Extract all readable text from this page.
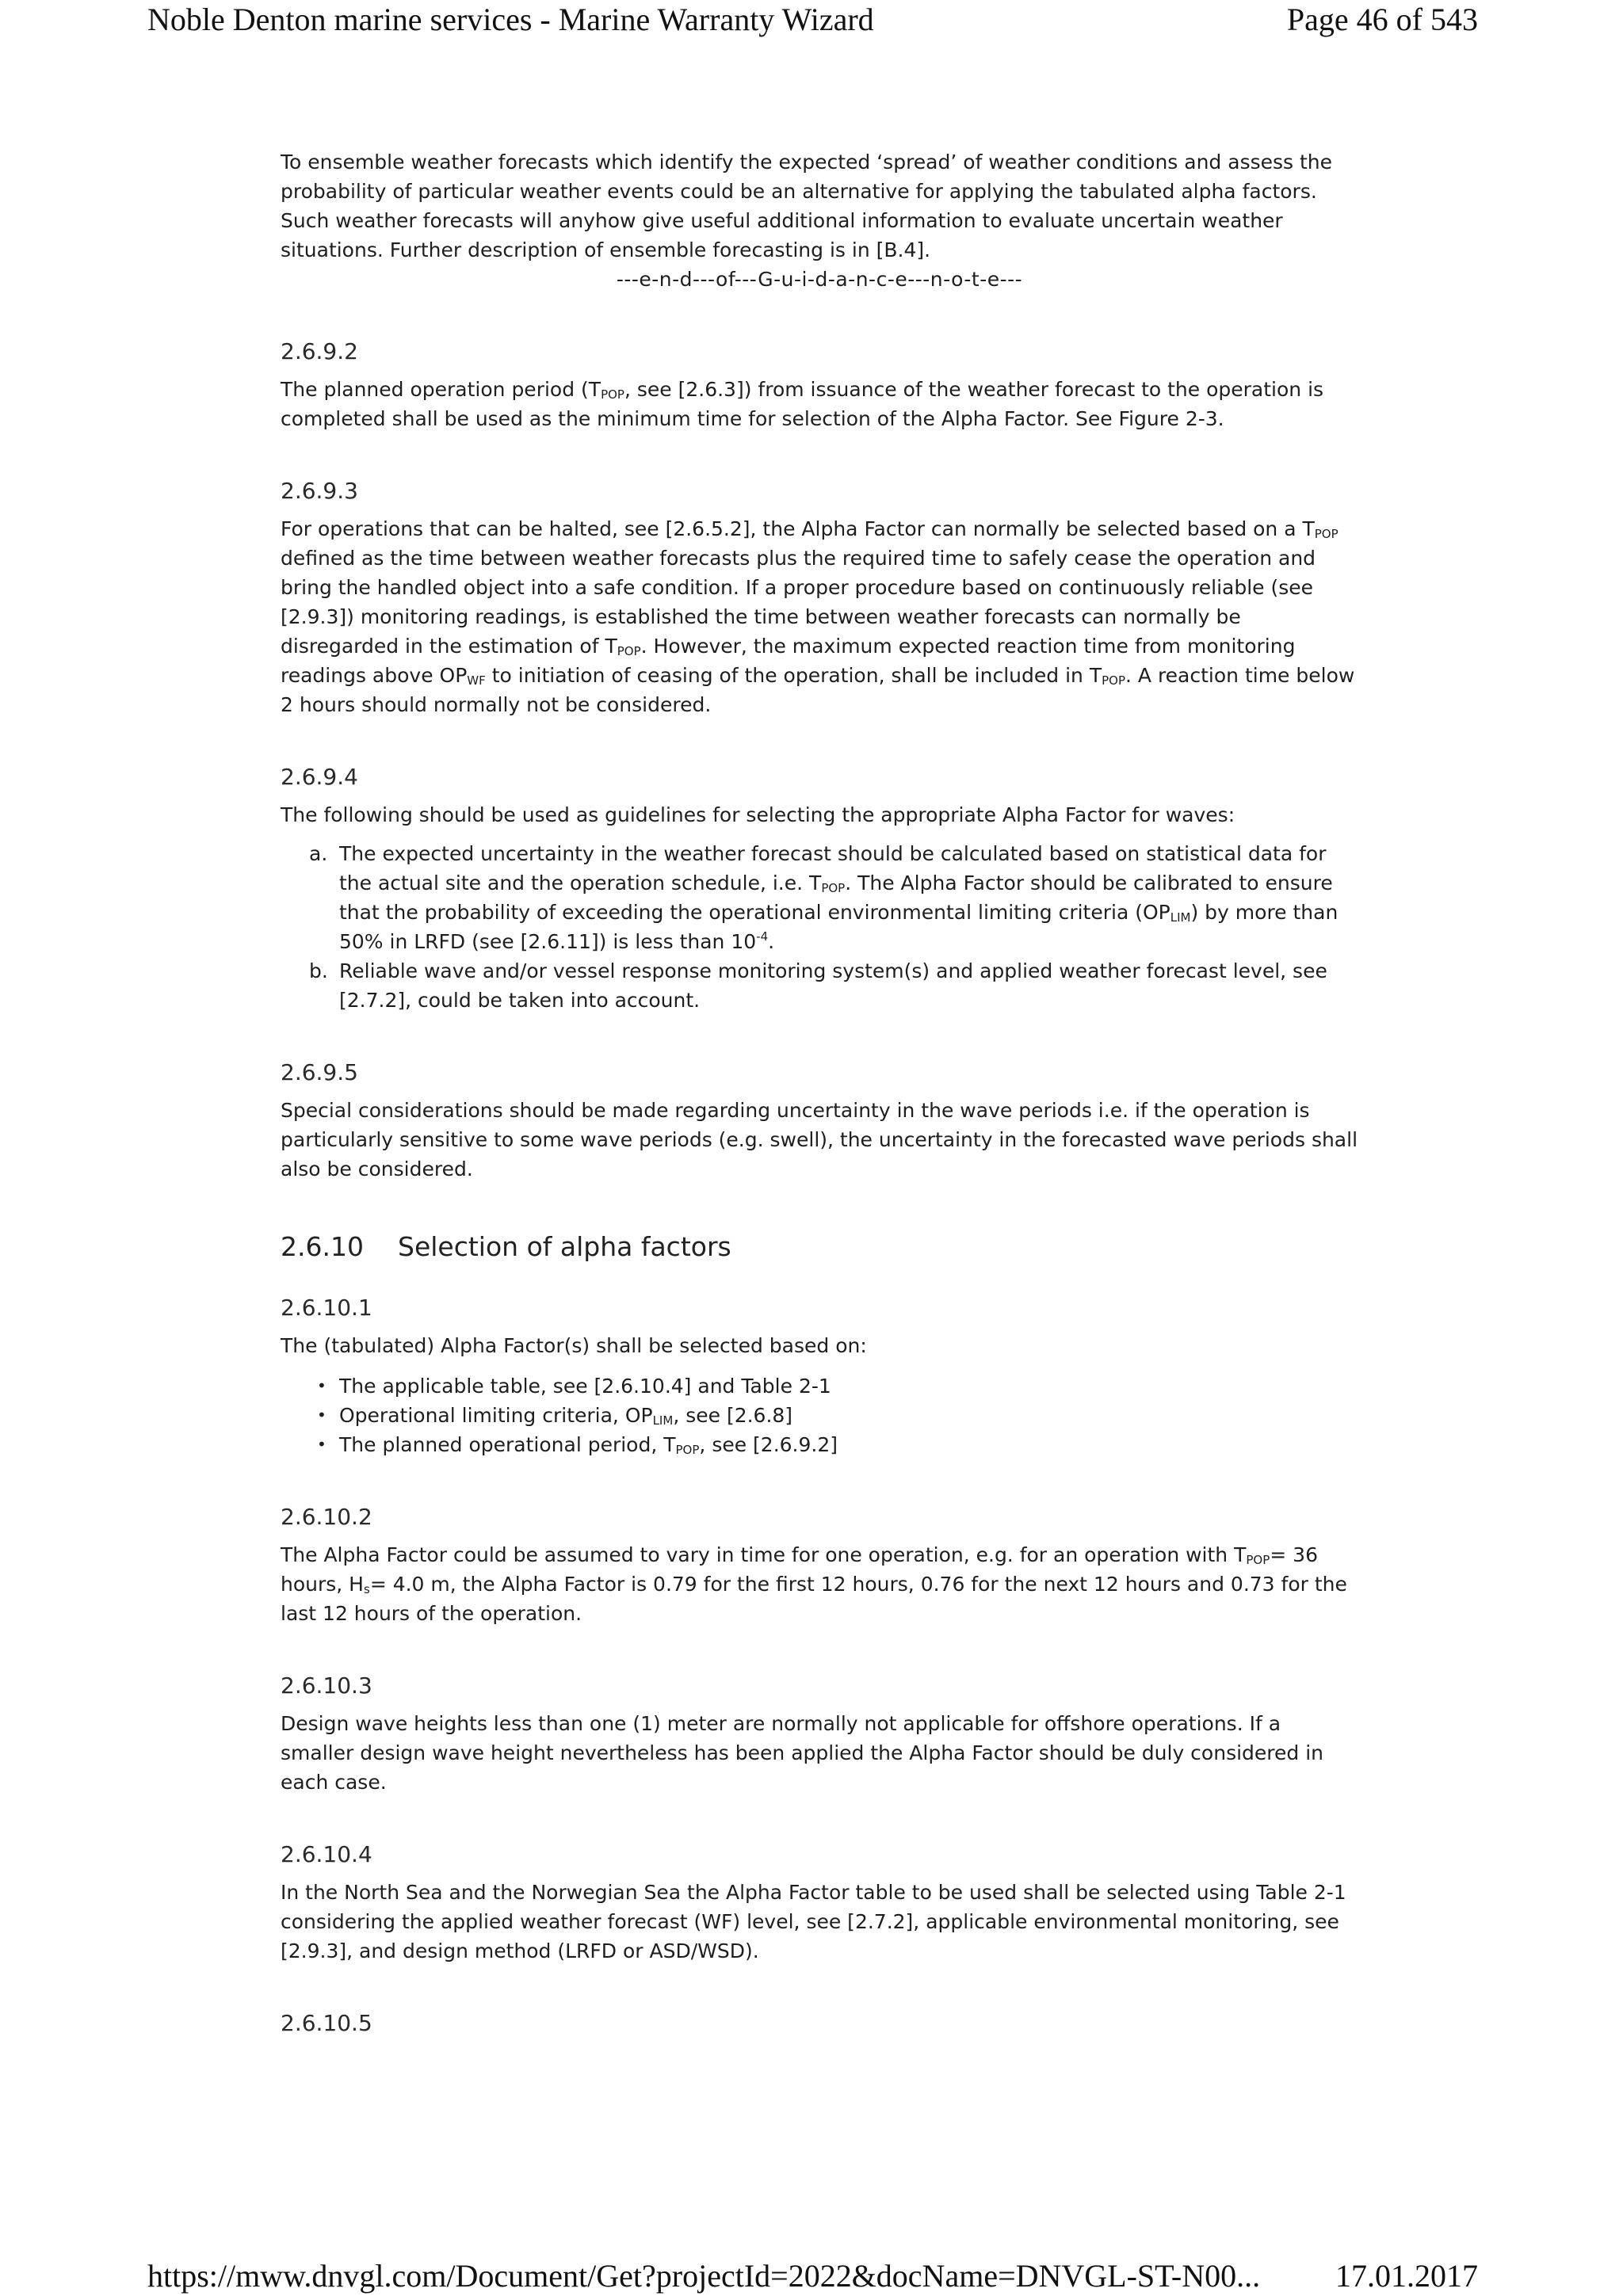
Noble Denton marine services - Marine Warranty Wizard	Page 46 of 543

To ensemble weather forecasts which identify the expected ‘spread’ of weather conditions and assess the probability of particular weather events could be an alternative for applying the tabulated alpha factors. Such weather forecasts will anyhow give useful additional information to evaluate uncertain weather situations. Further description of ensemble forecasting is in [B.4].

---e-n-d---of---G-u-i-d-a-n-c-e---n-o-t-e---

2.6.9.2

The planned operation period ($T_{POP}$, see [2.6.3]) from issuance of the weather forecast to the operation is completed shall be used as the minimum time for selection of the Alpha Factor. See Figure 2-3.

2.6.9.3

For operations that can be halted, see [2.6.5.2], the Alpha Factor can normally be selected based on a $T_{POP}$ defined as the time between weather forecasts plus the required time to safely cease the operation and bring the handled object into a safe condition. If a proper procedure based on continuously reliable (see [2.9.3]) monitoring readings, is established the time between weather forecasts can normally be disregarded in the estimation of $T_{POP}$. However, the maximum expected reaction time from monitoring readings above $OP_{WF}$ to initiation of ceasing of the operation, shall be included in $T_{POP}$. A reaction time below 2 hours should normally not be considered.

2.6.9.4

The following should be used as guidelines for selecting the appropriate Alpha Factor for waves:

a. The expected uncertainty in the weather forecast should be calculated based on statistical data for the actual site and the operation schedule, i.e. $T_{POP}$. The Alpha Factor should be calibrated to ensure that the probability of exceeding the operational environmental limiting criteria $(OP_{LIM})$ by more than 50% in LRFD (see [2.6.11]) is less than $10^{-4}$.
b. Reliable wave and/or vessel response monitoring system(s) and applied weather forecast level, see [2.7.2], could be taken into account.
2.6.9.5

Special considerations should be made regarding uncertainty in the wave periods i.e. if the operation is particularly sensitive to some wave periods (e.g. swell), the uncertainty in the forecasted wave periods shall also be considered.

2.6.10 Selection of alpha factors
2.6.10.1

The (tabulated) Alpha Factor(s) shall be selected based on:

• The applicable table, see [2.6.10.4] and Table 2-1
• Operational limiting criteria, $OP_{LIM}$, see [2.6.8]
• The planned operational period, $T_{POP}$, see [2.6.9.2]
2.6.10.2

The Alpha Factor could be assumed to vary in time for one operation, e.g. for an operation with $T_{POP}= 36$ hours, $H_s= 4.0$ m, the Alpha Factor is 0.79 for the first 12 hours, 0.76 for the next 12 hours and 0.73 for the last 12 hours of the operation.

2.6.10.3

Design wave heights less than one (1) meter are normally not applicable for offshore operations. If a smaller design wave height nevertheless has been applied the Alpha Factor should be duly considered in each case.

2.6.10.4

In the North Sea and the Norwegian Sea the Alpha Factor table to be used shall be selected using Table 2-1 considering the applied weather forecast (WF) level, see [2.7.2], applicable environmental monitoring, see [2.9.3], and design method (LRFD or ASD/WSD).

2.6.10.5
https://mww.dnvgl.com/Document/Get?projectId=2022&docName=DNVGL-ST-N00... 17.01.2017
